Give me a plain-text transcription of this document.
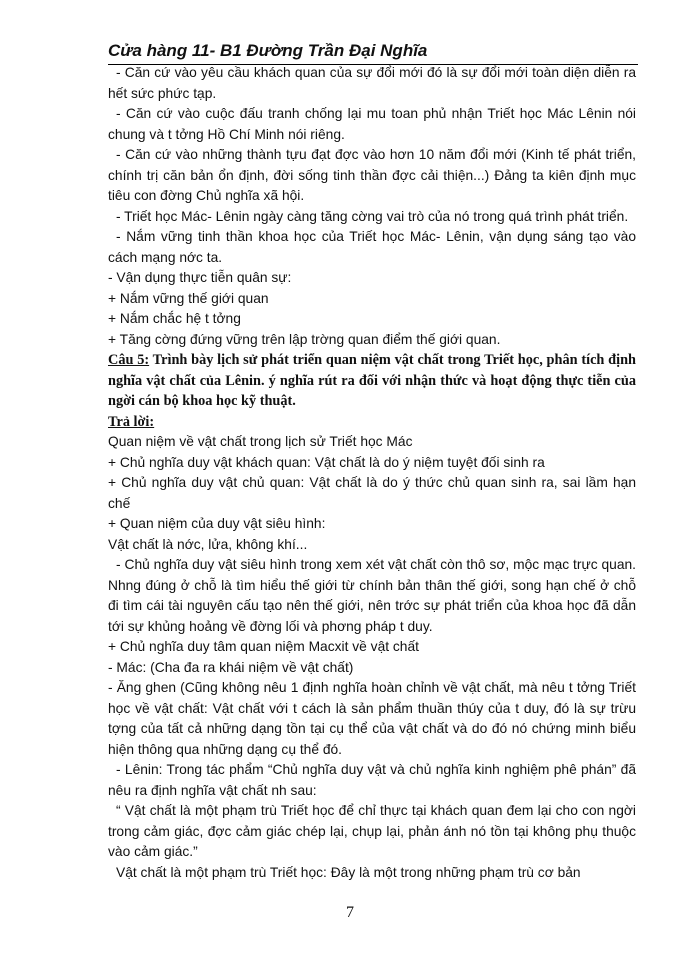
Cửa hàng 11- B1 Đường Trần Đại Nghĩa

- Căn cứ vào yêu cầu khách quan của sự đổi mới đó là sự đổi mới toàn diện diễn ra hết sức phức tạp.

- Căn cứ vào cuộc đấu tranh chống lại mu toan phủ nhận Triết học Mác Lênin nói chung và t tởng Hồ Chí Minh nói riêng.

- Căn cứ vào những thành tựu đạt đợc vào hơn 10 năm đổi mới (Kinh tế phát triển, chính trị căn bản ổn định, đời sống tinh thần đợc cải thiện...) Đảng ta kiên định mục tiêu con đờng Chủ nghĩa xã hội.

- Triết học Mác- Lênin ngày càng tăng cờng vai trò của nó trong quá trình phát triển.

- Nắm vững tinh thần khoa học của Triết học Mác- Lênin, vận dụng sáng tạo vào cách mạng nớc ta.

- Vận dụng thực tiễn quân sự:

+ Nắm vững thế giới quan

+ Nắm chắc hệ t tởng

+ Tăng cờng đứng vững trên lập trờng quan điểm thế giới quan.

Câu 5: Trình bày lịch sử phát triển quan niệm vật chất trong Triết học, phân tích định nghĩa vật chất của Lênin. ý nghĩa rút ra đối với nhận thức và hoạt động thực tiễn của ngời cán bộ khoa học kỹ thuật.

Trả lời:

Quan niệm về vật chất trong lịch sử Triết học Mác

+ Chủ nghĩa duy vật khách quan: Vật chất là do ý niệm tuyệt đối sinh ra

+ Chủ nghĩa duy vật chủ quan: Vật chất là do ý thức chủ quan sinh ra, sai lầm hạn chế

+ Quan niệm của duy vật siêu hình:

Vật chất là nớc, lửa, không khí...

- Chủ nghĩa duy vật siêu hình trong xem xét vật chất còn thô sơ, mộc mạc trực quan. Nhng đúng ở chỗ là tìm hiểu thế giới từ chính bản thân thế giới, song hạn chế ở chỗ đi tìm cái tài nguyên cấu tạo nên thế giới, nên trớc sự phát triển của khoa học đã dẫn tới sự khủng hoảng về đờng lối và phơng pháp t duy.

+ Chủ nghĩa duy tâm quan niệm Macxit về vật chất

- Mác: (Cha đa ra khái niệm về vật chất)

- Ăng ghen (Cũng không nêu 1 định nghĩa hoàn chỉnh về vật chất, mà nêu t tởng Triết học về vật chất: Vật chất với t cách là sản phẩm thuần thúy của t duy, đó là sự trừu tợng của tất cả những dạng tồn tại cụ thể của vật chất và do đó nó chứng minh biểu hiện thông qua những dạng cụ thể đó.

- Lênin: Trong tác phẩm “Chủ nghĩa duy vật và chủ nghĩa kinh nghiệm phê phán” đã nêu ra định nghĩa vật chất nh sau:

“ Vật chất là một phạm trù Triết học để chỉ thực tại khách quan đem lại cho con ngời trong cảm giác, đợc cảm giác chép lại, chụp lại, phản ánh nó tồn tại không phụ thuộc vào cảm giác.”

Vật chất là một phạm trù Triết học: Đây là một trong những phạm trù cơ bản

7
